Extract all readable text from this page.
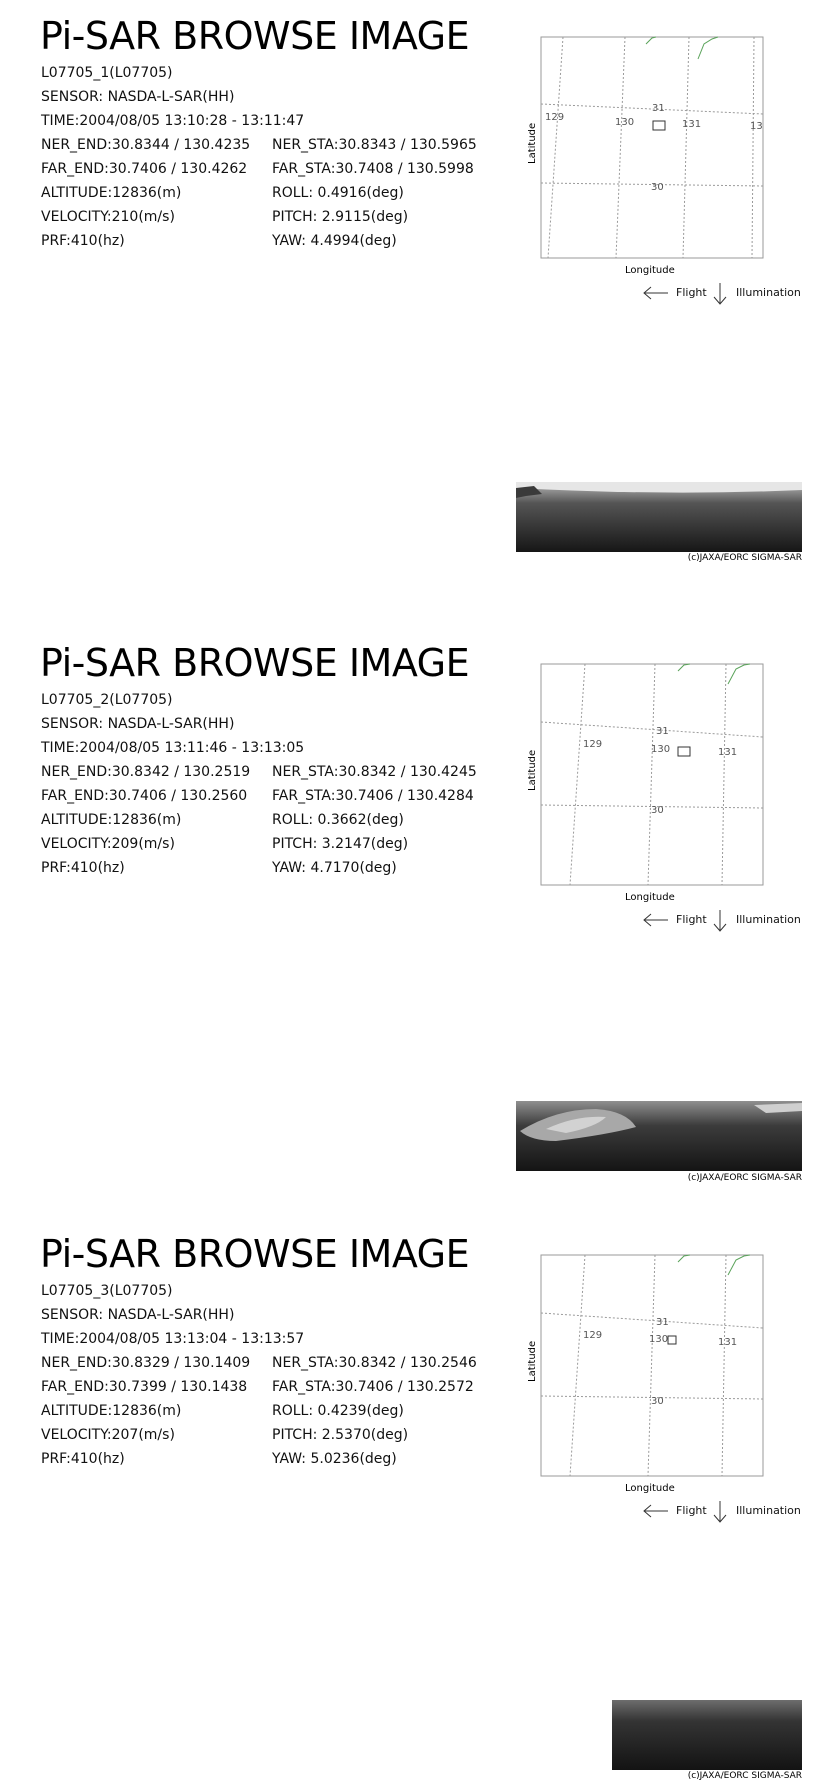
Pi-SAR BROWSE IMAGE
L07705_1(L07705)
SENSOR: NASDA-L-SAR(HH)
TIME:2004/08/05 13:10:28 - 13:11:47
NER_END:30.8344 / 130.4235 NER_STA:30.8343 / 130.5965
FAR_END:30.7406 / 130.4262 FAR_STA:30.7408 / 130.5998
ALTITUDE:12836(m)	ROLL: 0.4916(deg)
VELOCITY:210(m/s)	PITCH: 2.9115(deg)
PRF:410(hz)	YAW: 4.4994(deg)
129	130	131	13
31
30
Longitude
Latitude
Flight	Illumination
(c)JAXA/EORC SIGMA-SAR
Pi-SAR BROWSE IMAGE
L07705_2(L07705)
SENSOR: NASDA-L-SAR(HH)
TIME:2004/08/05 13:11:46 - 13:13:05
NER_END:30.8342 / 130.2519 NER_STA:30.8342 / 130.4245
FAR_END:30.7406 / 130.2560 FAR_STA:30.7406 / 130.4284
ALTITUDE:12836(m)	ROLL: 0.3662(deg)
VELOCITY:209(m/s)	PITCH: 3.2147(deg)
PRF:410(hz)	YAW: 4.7170(deg)
129	130	131
31
30
Longitude
Latitude
Flight	Illumination
(c)JAXA/EORC SIGMA-SAR
Pi-SAR BROWSE IMAGE
L07705_3(L07705)
SENSOR: NASDA-L-SAR(HH)
TIME:2004/08/05 13:13:04 - 13:13:57
NER_END:30.8329 / 130.1409 NER_STA:30.8342 / 130.2546
FAR_END:30.7399 / 130.1438 FAR_STA:30.7406 / 130.2572
ALTITUDE:12836(m)	ROLL: 0.4239(deg)
VELOCITY:207(m/s)	PITCH: 2.5370(deg)
PRF:410(hz)	YAW: 5.0236(deg)
129	130	131
31
30
Longitude
Latitude
Flight	Illumination
(c)JAXA/EORC SIGMA-SAR
